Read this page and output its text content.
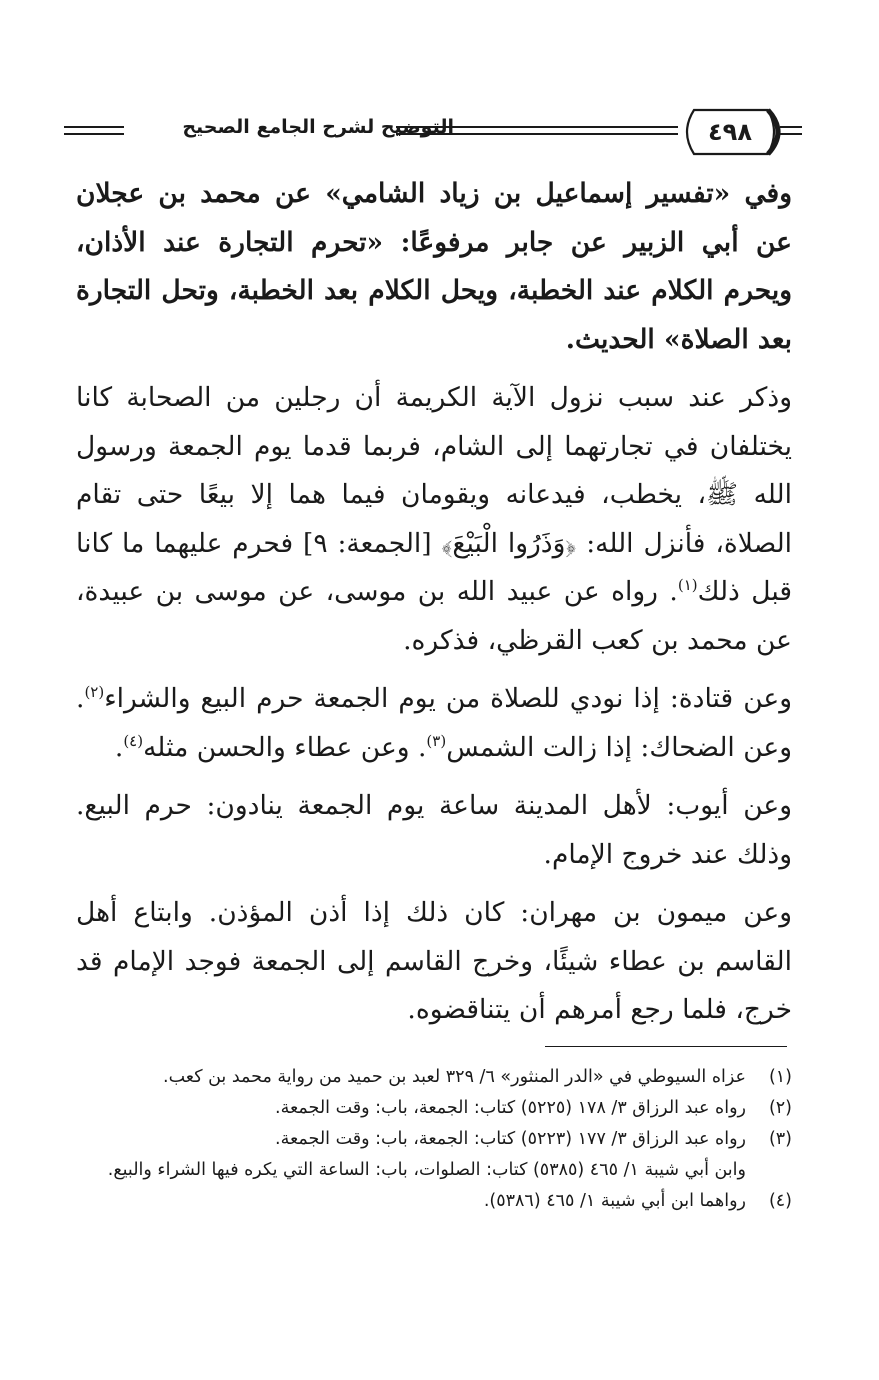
التوضيح لشرح الجامع الصحيح	٤٩٨

وفي «تفسير إسماعيل بن زياد الشامي» عن محمد بن عجلان عن أبي الزبير عن جابر مرفوعًا: «تحرم التجارة عند الأذان، ويحرم الكلام عند الخطبة، ويحل الكلام بعد الخطبة، وتحل التجارة بعد الصلاة» الحديث.

وذكر عند سبب نزول الآية الكريمة أن رجلين من الصحابة كانا يختلفان في تجارتهما إلى الشام، فربما قدما يوم الجمعة ورسول الله ﷺ، يخطب، فيدعانه ويقومان فيما هما إلا بيعًا حتى تقام الصلاة، فأنزل الله: ﴿وَذَرُوا الْبَيْعَ﴾ [الجمعة: ٩] فحرم عليهما ما كانا قبل ذلك$^{(١)}$. رواه عن عبيد الله بن موسى، عن موسى بن عبيدة، عن محمد بن كعب القرظي، فذكره.

وعن قتادة: إذا نودي للصلاة من يوم الجمعة حرم البيع والشراء$^{(٢)}$. وعن الضحاك: إذا زالت الشمس$^{(٣)}$. وعن عطاء والحسن مثله$^{(٤)}$.

وعن أيوب: لأهل المدينة ساعة يوم الجمعة ينادون: حرم البيع. وذلك عند خروج الإمام.

وعن ميمون بن مهران: كان ذلك إذا أذن المؤذن. وابتاع أهل القاسم بن عطاء شيئًا، وخرج القاسم إلى الجمعة فوجد الإمام قد خرج، فلما رجع أمرهم أن يتناقضوه.

(١)
عزاه السيوطي في «الدر المنثور» ٦/ ٣٢٩ لعبد بن حميد من رواية محمد بن كعب.
(٢)
رواه عبد الرزاق ٣/ ١٧٨ (٥٢٢٥) كتاب: الجمعة، باب: وقت الجمعة.
(٣)
رواه عبد الرزاق ٣/ ١٧٧ (٥٢٢٣) كتاب: الجمعة، باب: وقت الجمعة.
وابن أبي شيبة ١/ ٤٦٥ (٥٣٨٥) كتاب: الصلوات، باب: الساعة التي يكره فيها الشراء والبيع.
(٤)
رواهما ابن أبي شيبة ١/ ٤٦٥ (٥٣٨٦).
